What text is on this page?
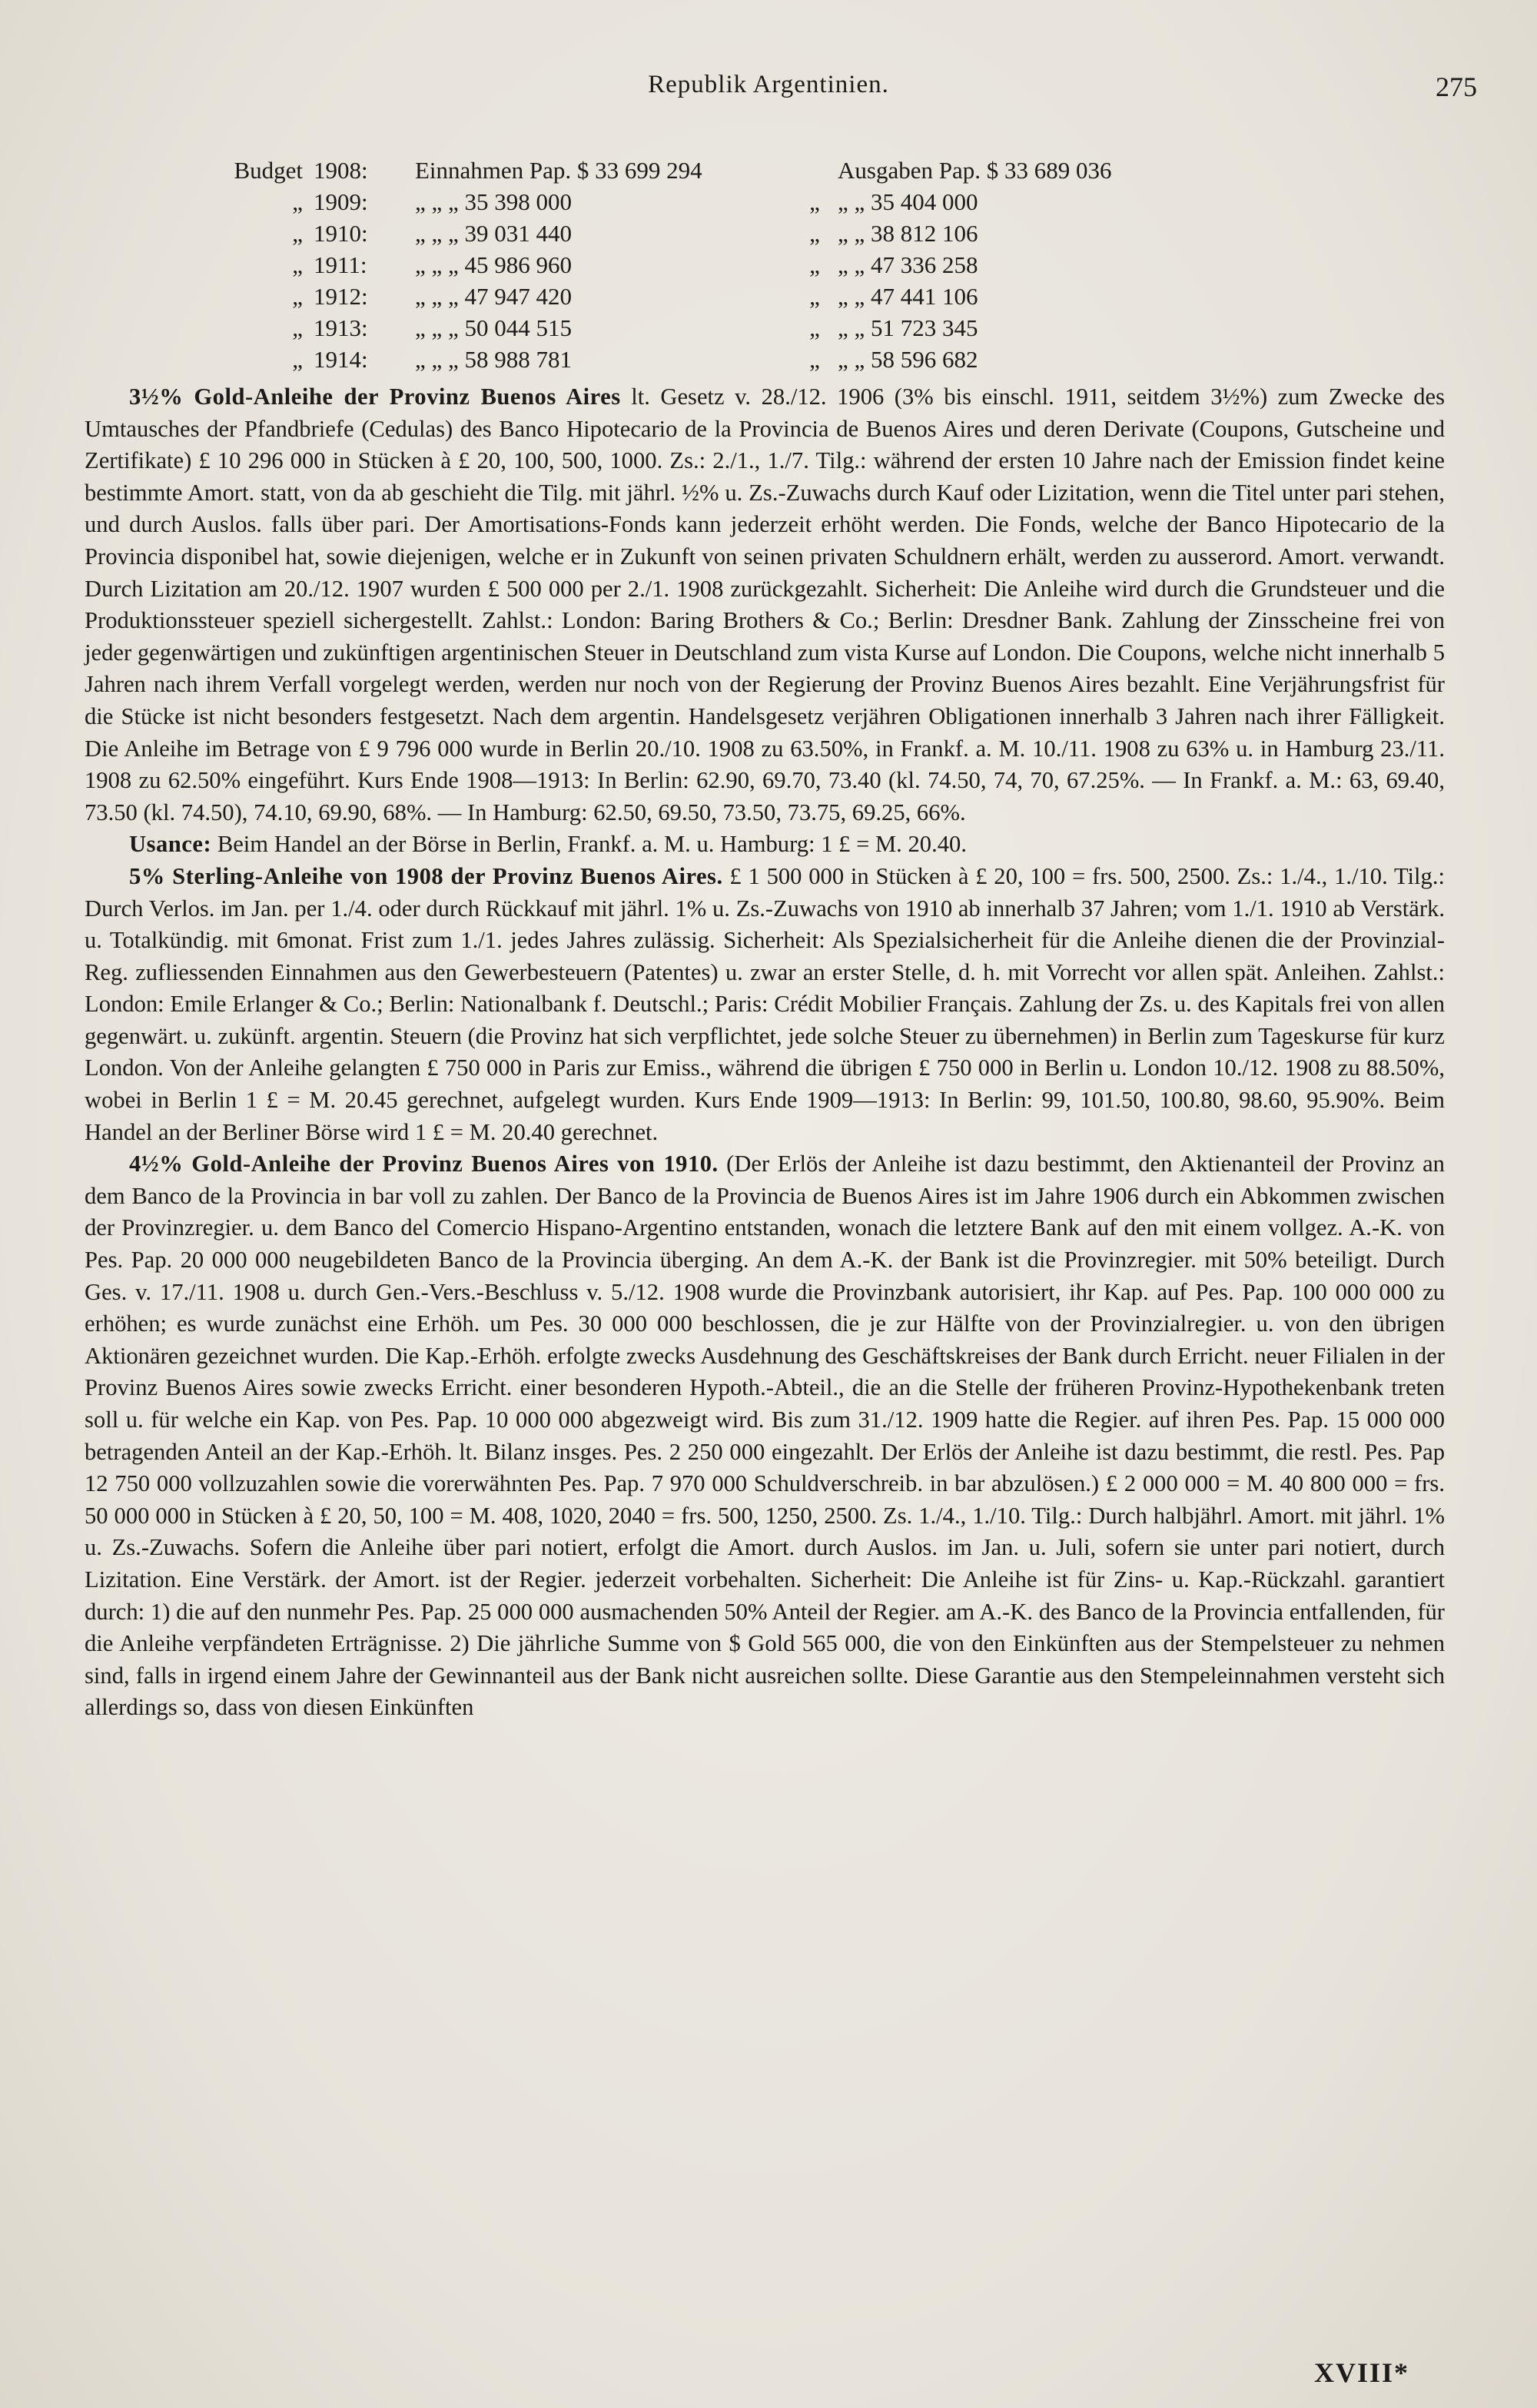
Republik Argentinien.	275
Budget	1908:	Einnahmen Pap. $ 33 699 294		Ausgaben Pap. $ 33 689 036
„	1909:	„ „ „ 35 398 000	„	„ „ 35 404 000
„	1910:	„ „ „ 39 031 440	„	„ „ 38 812 106
„	1911:	„ „ „ 45 986 960	„	„ „ 47 336 258
„	1912:	„ „ „ 47 947 420	„	„ „ 47 441 106
„	1913:	„ „ „ 50 044 515	„	„ „ 51 723 345
„	1914:	„ „ „ 58 988 781	„	„ „ 58 596 682

3½% Gold-Anleihe der Provinz Buenos Aires lt. Gesetz v. 28./12. 1906 (3% bis einschl. 1911, seitdem 3½%) zum Zwecke des Umtausches der Pfandbriefe (Cedulas) des Banco Hipotecario de la Provincia de Buenos Aires und deren Derivate (Coupons, Gutscheine und Zertifikate) £ 10 296 000 in Stücken à £ 20, 100, 500, 1000. Zs.: 2./1., 1./7. Tilg.: während der ersten 10 Jahre nach der Emission findet keine bestimmte Amort. statt, von da ab geschieht die Tilg. mit jährl. ½% u. Zs.-Zuwachs durch Kauf oder Lizitation, wenn die Titel unter pari stehen, und durch Auslos. falls über pari. Der Amortisations-Fonds kann jederzeit erhöht werden. Die Fonds, welche der Banco Hipotecario de la Provincia disponibel hat, sowie diejenigen, welche er in Zukunft von seinen privaten Schuldnern erhält, werden zu ausserord. Amort. verwandt. Durch Lizitation am 20./12. 1907 wurden £ 500 000 per 2./1. 1908 zurückgezahlt. Sicherheit: Die Anleihe wird durch die Grundsteuer und die Produktionssteuer speziell sichergestellt. Zahlst.: London: Baring Brothers & Co.; Berlin: Dresdner Bank. Zahlung der Zinsscheine frei von jeder gegenwärtigen und zukünftigen argentinischen Steuer in Deutschland zum vista Kurse auf London. Die Coupons, welche nicht innerhalb 5 Jahren nach ihrem Verfall vorgelegt werden, werden nur noch von der Regierung der Provinz Buenos Aires bezahlt. Eine Verjährungsfrist für die Stücke ist nicht besonders festgesetzt. Nach dem argentin. Handelsgesetz verjähren Obligationen innerhalb 3 Jahren nach ihrer Fälligkeit. Die Anleihe im Betrage von £ 9 796 000 wurde in Berlin 20./10. 1908 zu 63.50%, in Frankf. a. M. 10./11. 1908 zu 63% u. in Hamburg 23./11. 1908 zu 62.50% eingeführt. Kurs Ende 1908—1913: In Berlin: 62.90, 69.70, 73.40 (kl. 74.50, 74, 70, 67.25%. — In Frankf. a. M.: 63, 69.40, 73.50 (kl. 74.50), 74.10, 69.90, 68%. — In Hamburg: 62.50, 69.50, 73.50, 73.75, 69.25, 66%.

Usance: Beim Handel an der Börse in Berlin, Frankf. a. M. u. Hamburg: 1 £ = M. 20.40.

5% Sterling-Anleihe von 1908 der Provinz Buenos Aires. £ 1 500 000 in Stücken à £ 20, 100 = frs. 500, 2500. Zs.: 1./4., 1./10. Tilg.: Durch Verlos. im Jan. per 1./4. oder durch Rückkauf mit jährl. 1% u. Zs.-Zuwachs von 1910 ab innerhalb 37 Jahren; vom 1./1. 1910 ab Verstärk. u. Totalkündig. mit 6monat. Frist zum 1./1. jedes Jahres zulässig. Sicherheit: Als Spezialsicherheit für die Anleihe dienen die der Provinzial-Reg. zufliessenden Einnahmen aus den Gewerbesteuern (Patentes) u. zwar an erster Stelle, d. h. mit Vorrecht vor allen spät. Anleihen. Zahlst.: London: Emile Erlanger & Co.; Berlin: Nationalbank f. Deutschl.; Paris: Crédit Mobilier Français. Zahlung der Zs. u. des Kapitals frei von allen gegenwärt. u. zukünft. argentin. Steuern (die Provinz hat sich verpflichtet, jede solche Steuer zu übernehmen) in Berlin zum Tageskurse für kurz London. Von der Anleihe gelangten £ 750 000 in Paris zur Emiss., während die übrigen £ 750 000 in Berlin u. London 10./12. 1908 zu 88.50%, wobei in Berlin 1 £ = M. 20.45 gerechnet, aufgelegt wurden. Kurs Ende 1909—1913: In Berlin: 99, 101.50, 100.80, 98.60, 95.90%. Beim Handel an der Berliner Börse wird 1 £ = M. 20.40 gerechnet.

4½% Gold-Anleihe der Provinz Buenos Aires von 1910. (Der Erlös der Anleihe ist dazu bestimmt, den Aktienanteil der Provinz an dem Banco de la Provincia in bar voll zu zahlen. Der Banco de la Provincia de Buenos Aires ist im Jahre 1906 durch ein Abkommen zwischen der Provinzregier. u. dem Banco del Comercio Hispano-Argentino entstanden, wonach die letztere Bank auf den mit einem vollgez. A.-K. von Pes. Pap. 20 000 000 neugebildeten Banco de la Provincia überging. An dem A.-K. der Bank ist die Provinzregier. mit 50% beteiligt. Durch Ges. v. 17./11. 1908 u. durch Gen.-Vers.-Beschluss v. 5./12. 1908 wurde die Provinzbank autorisiert, ihr Kap. auf Pes. Pap. 100 000 000 zu erhöhen; es wurde zunächst eine Erhöh. um Pes. 30 000 000 beschlossen, die je zur Hälfte von der Provinzialregier. u. von den übrigen Aktionären gezeichnet wurden. Die Kap.-Erhöh. erfolgte zwecks Ausdehnung des Geschäftskreises der Bank durch Erricht. neuer Filialen in der Provinz Buenos Aires sowie zwecks Erricht. einer besonderen Hypoth.-Abteil., die an die Stelle der früheren Provinz-Hypothekenbank treten soll u. für welche ein Kap. von Pes. Pap. 10 000 000 abgezweigt wird. Bis zum 31./12. 1909 hatte die Regier. auf ihren Pes. Pap. 15 000 000 betragenden Anteil an der Kap.-Erhöh. lt. Bilanz insges. Pes. 2 250 000 eingezahlt. Der Erlös der Anleihe ist dazu bestimmt, die restl. Pes. Pap 12 750 000 vollzuzahlen sowie die vorerwähnten Pes. Pap. 7 970 000 Schuldverschreib. in bar abzulösen.) £ 2 000 000 = M. 40 800 000 = frs. 50 000 000 in Stücken à £ 20, 50, 100 = M. 408, 1020, 2040 = frs. 500, 1250, 2500. Zs. 1./4., 1./10. Tilg.: Durch halbjährl. Amort. mit jährl. 1% u. Zs.-Zuwachs. Sofern die Anleihe über pari notiert, erfolgt die Amort. durch Auslos. im Jan. u. Juli, sofern sie unter pari notiert, durch Lizitation. Eine Verstärk. der Amort. ist der Regier. jederzeit vorbehalten. Sicherheit: Die Anleihe ist für Zins- u. Kap.-Rückzahl. garantiert durch: 1) die auf den nunmehr Pes. Pap. 25 000 000 ausmachenden 50% Anteil der Regier. am A.-K. des Banco de la Provincia entfallenden, für die Anleihe verpfändeten Erträgnisse. 2) Die jährliche Summe von $ Gold 565 000, die von den Einkünften aus der Stempelsteuer zu nehmen sind, falls in irgend einem Jahre der Gewinnanteil aus der Bank nicht ausreichen sollte. Diese Garantie aus den Stempeleinnahmen versteht sich allerdings so, dass von diesen Einkünften

XVIII*
